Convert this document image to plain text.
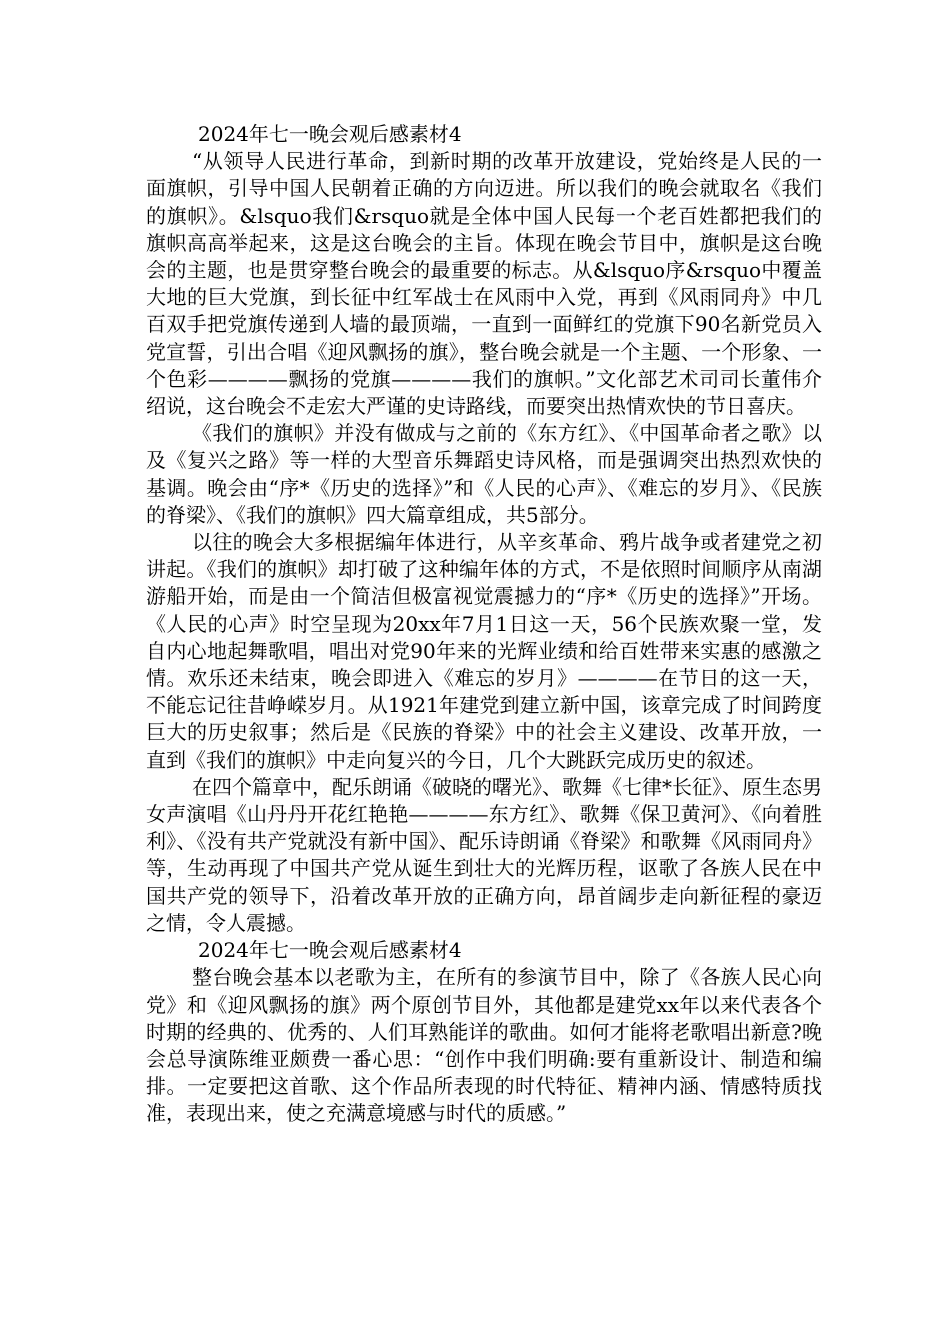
2024年七一晚会观后感素材4

“从领导人民进行革命，到新时期的改革开放建设，党始终是人民的一面旗帜，引导中国人民朝着正确的方向迈进。所以我们的晚会就取名《我们的旗帜》。&lsquo我们&rsquo就是全体中国人民每一个老百姓都把我们的旗帜高高举起来，这是这台晚会的主旨。体现在晚会节目中，旗帜是这台晚会的主题，也是贯穿整台晚会的最重要的标志。从&lsquo序&rsquo中覆盖大地的巨大党旗，到长征中红军战士在风雨中入党，再到《风雨同舟》中几百双手把党旗传递到人墙的最顶端，一直到一面鲜红的党旗下90名新党员入党宣誓，引出合唱《迎风飘扬的旗》，整台晚会就是一个主题、一个形象、一个色彩————飘扬的党旗————我们的旗帜。”文化部艺术司司长董伟介绍说，这台晚会不走宏大严谨的史诗路线，而要突出热情欢快的节日喜庆。

《我们的旗帜》并没有做成与之前的《东方红》、《中国革命者之歌》以及《复兴之路》等一样的大型音乐舞蹈史诗风格，而是强调突出热烈欢快的基调。晚会由“序*《历史的选择》”和《人民的心声》、《难忘的岁月》、《民族的脊梁》、《我们的旗帜》四大篇章组成，共5部分。

以往的晚会大多根据编年体进行，从辛亥革命、鸦片战争或者建党之初讲起。《我们的旗帜》却打破了这种编年体的方式，不是依照时间顺序从南湖游船开始，而是由一个简洁但极富视觉震撼力的“序*《历史的选择》”开场。《人民的心声》时空呈现为20xx年7月1日这一天，56个民族欢聚一堂，发自内心地起舞歌唱，唱出对党90年来的光辉业绩和给百姓带来实惠的感激之情。欢乐还未结束，晚会即进入《难忘的岁月》————在节日的这一天，不能忘记往昔峥嵘岁月。从1921年建党到建立新中国，该章完成了时间跨度巨大的历史叙事；然后是《民族的脊梁》中的社会主义建设、改革开放，一直到《我们的旗帜》中走向复兴的今日，几个大跳跃完成历史的叙述。

在四个篇章中，配乐朗诵《破晓的曙光》、歌舞《七律*长征》、原生态男女声演唱《山丹丹开花红艳艳————东方红》、歌舞《保卫黄河》、《向着胜利》、《没有共产党就没有新中国》、配乐诗朗诵《脊梁》和歌舞《风雨同舟》等，生动再现了中国共产党从诞生到壮大的光辉历程，讴歌了各族人民在中国共产党的领导下，沿着改革开放的正确方向，昂首阔步走向新征程的豪迈之情，令人震撼。

2024年七一晚会观后感素材4

整台晚会基本以老歌为主，在所有的参演节目中，除了《各族人民心向党》和《迎风飘扬的旗》两个原创节目外，其他都是建党xx年以来代表各个时期的经典的、优秀的、人们耳熟能详的歌曲。如何才能将老歌唱出新意?晚会总导演陈维亚颇费一番心思：“创作中我们明确:要有重新设计、制造和编排。一定要把这首歌、这个作品所表现的时代特征、精神内涵、情感特质找准，表现出来，使之充满意境感与时代的质感。”
